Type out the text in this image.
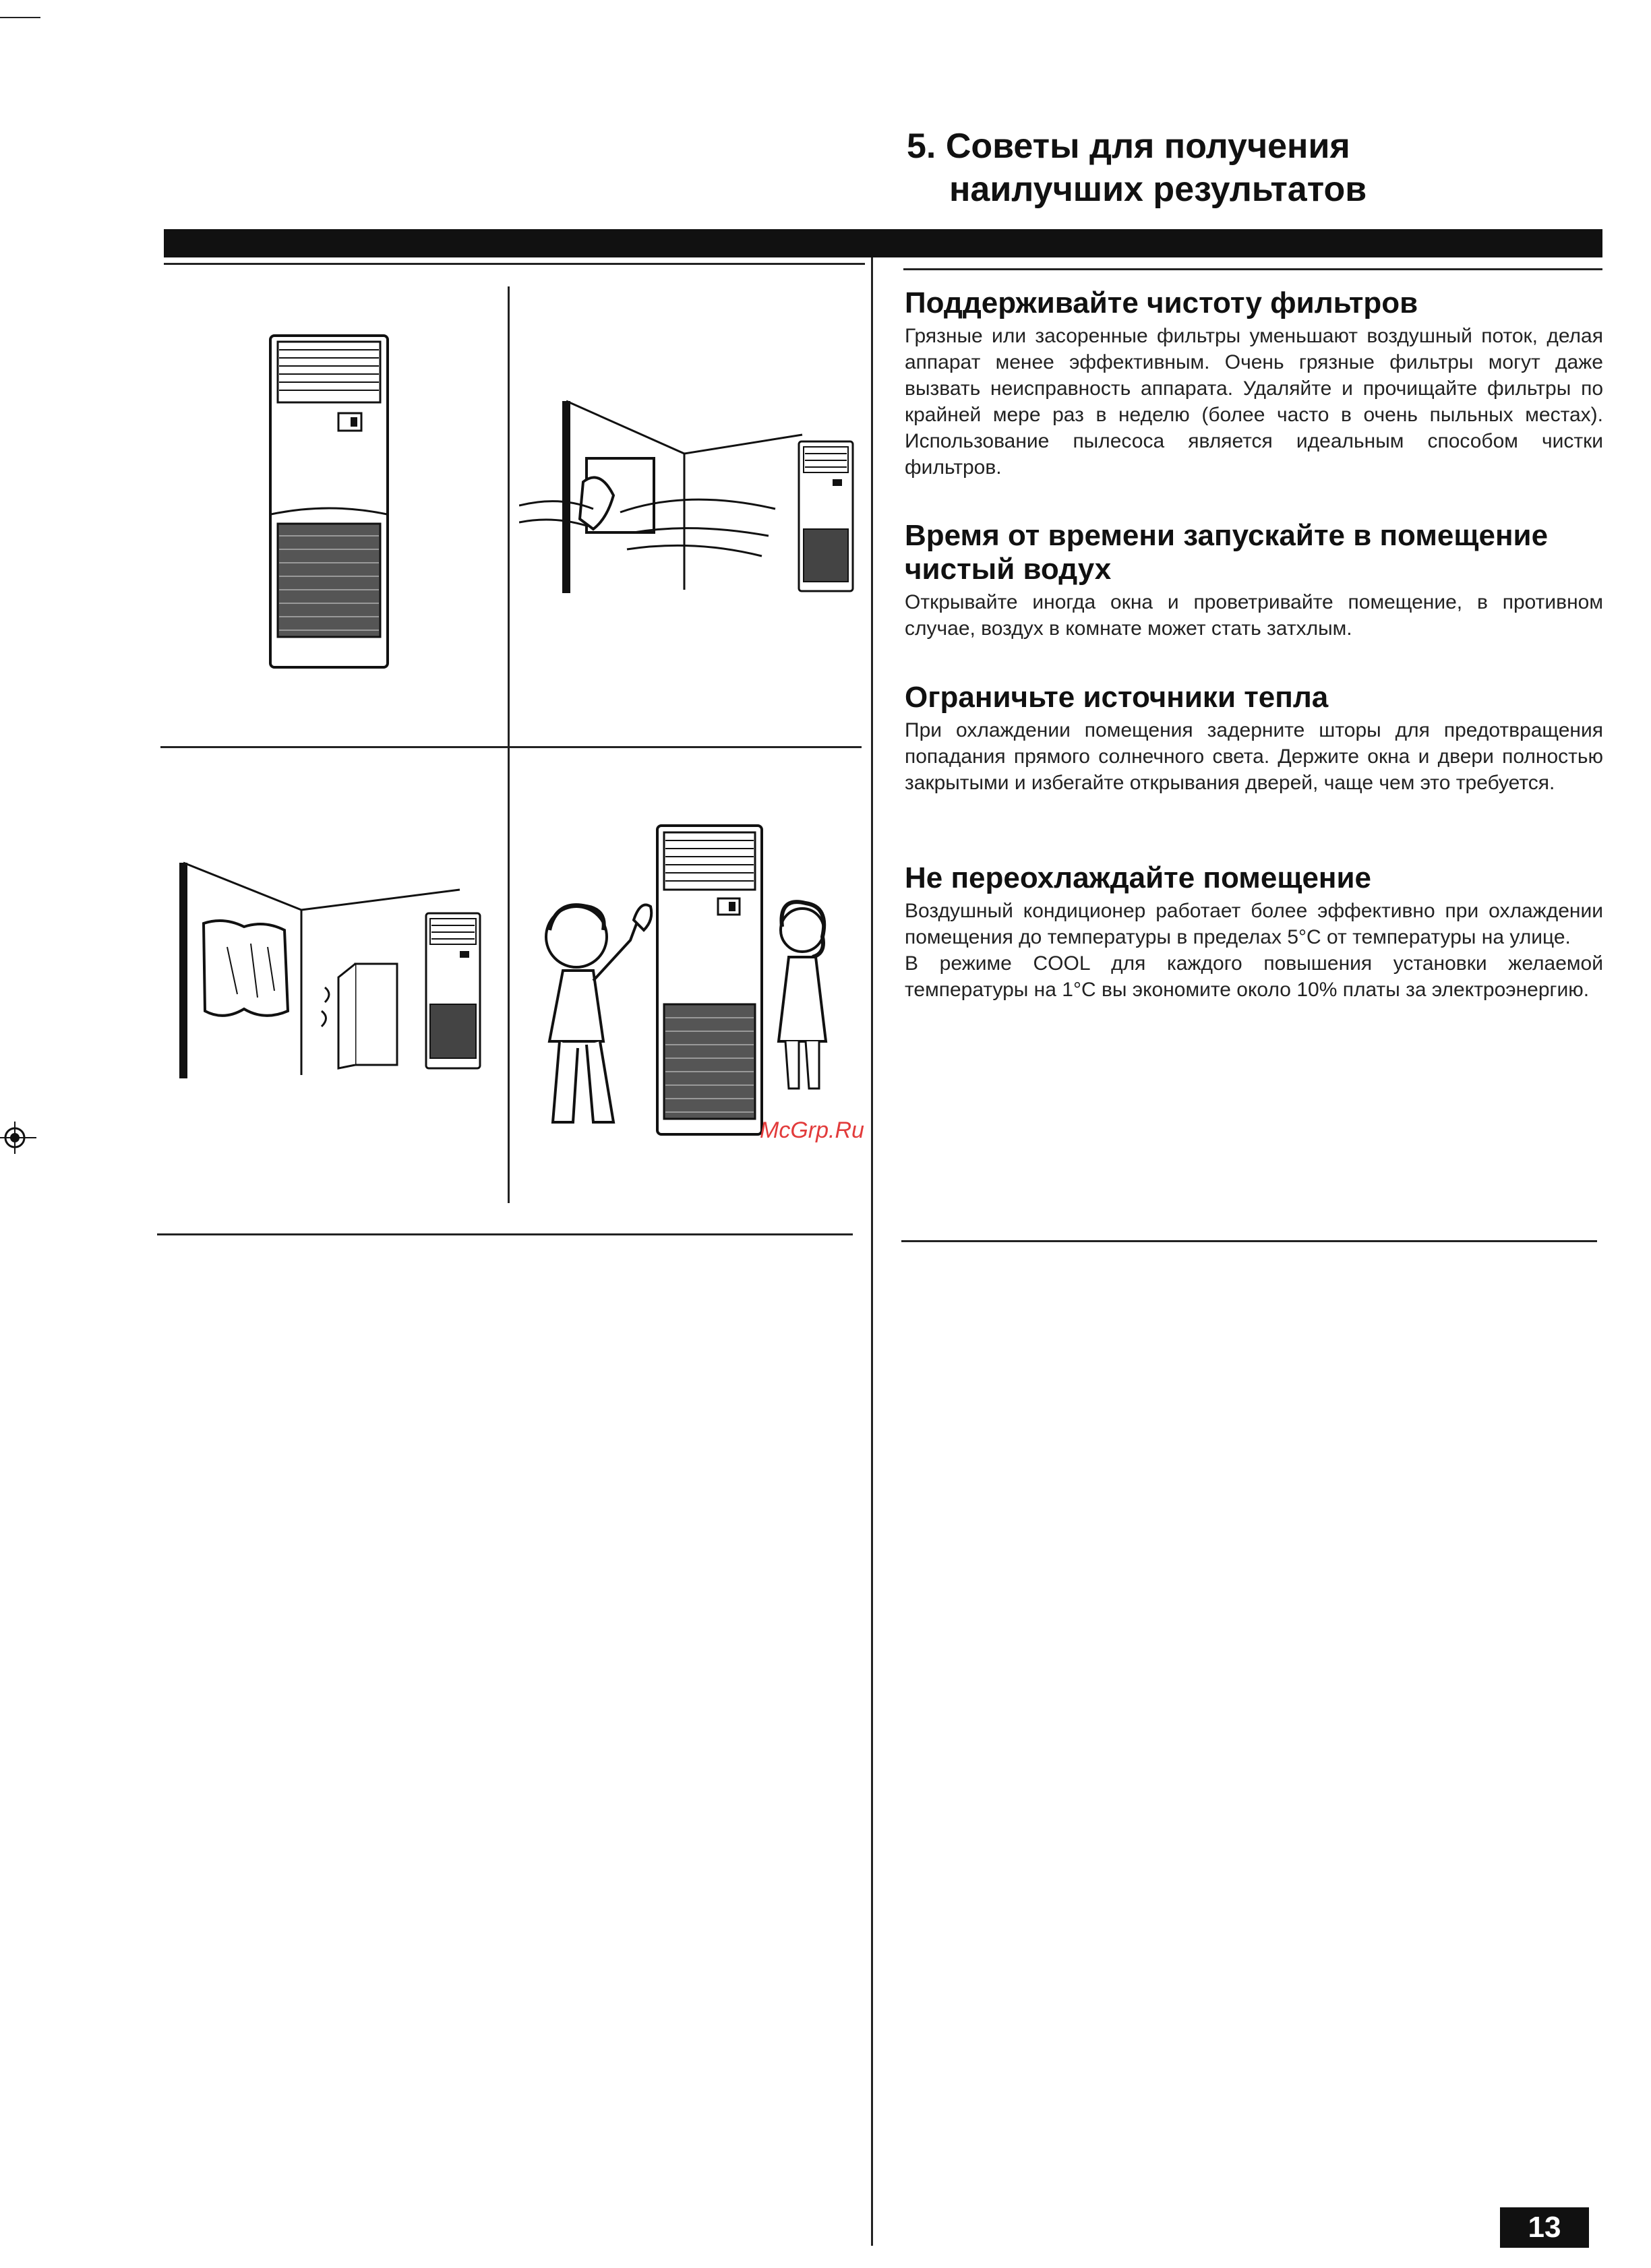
5. Советы для получения
наилучших результатов
Поддерживайте чистоту фильтров

Грязные или засоренные фильтры уменьшают воздушный поток, делая аппарат менее эффективным. Очень грязные фильтры могут даже вызвать неисправность аппарата. Удаляйте и прочищайте фильтры по крайней мере раз в неделю (более часто в очень пыльных местах). Использование пылесоса является идеальным способом чистки фильтров.

Время от времени запускайте в помещение чистый водух

Открывайте иногда окна и проветривайте помещение, в противном случае, воздух в комнате может стать затхлым.

Ограничьте источники тепла

При охлаждении помещения задерните шторы для предотвращения попадания прямого солнечного света. Держите окна и двери полностью закрытыми и избегайте открывания дверей, чаще чем это требуется.

Не переохлаждайте помещение

Воздушный кондиционер работает более эффективно при охлаждении помещения до температуры в пределах 5°C от температуры на улице.

В режиме COOL для каждого повышения установки желаемой температуры на 1°C вы экономите около 10% платы за электроэнергию.

McGrp.Ru
13
